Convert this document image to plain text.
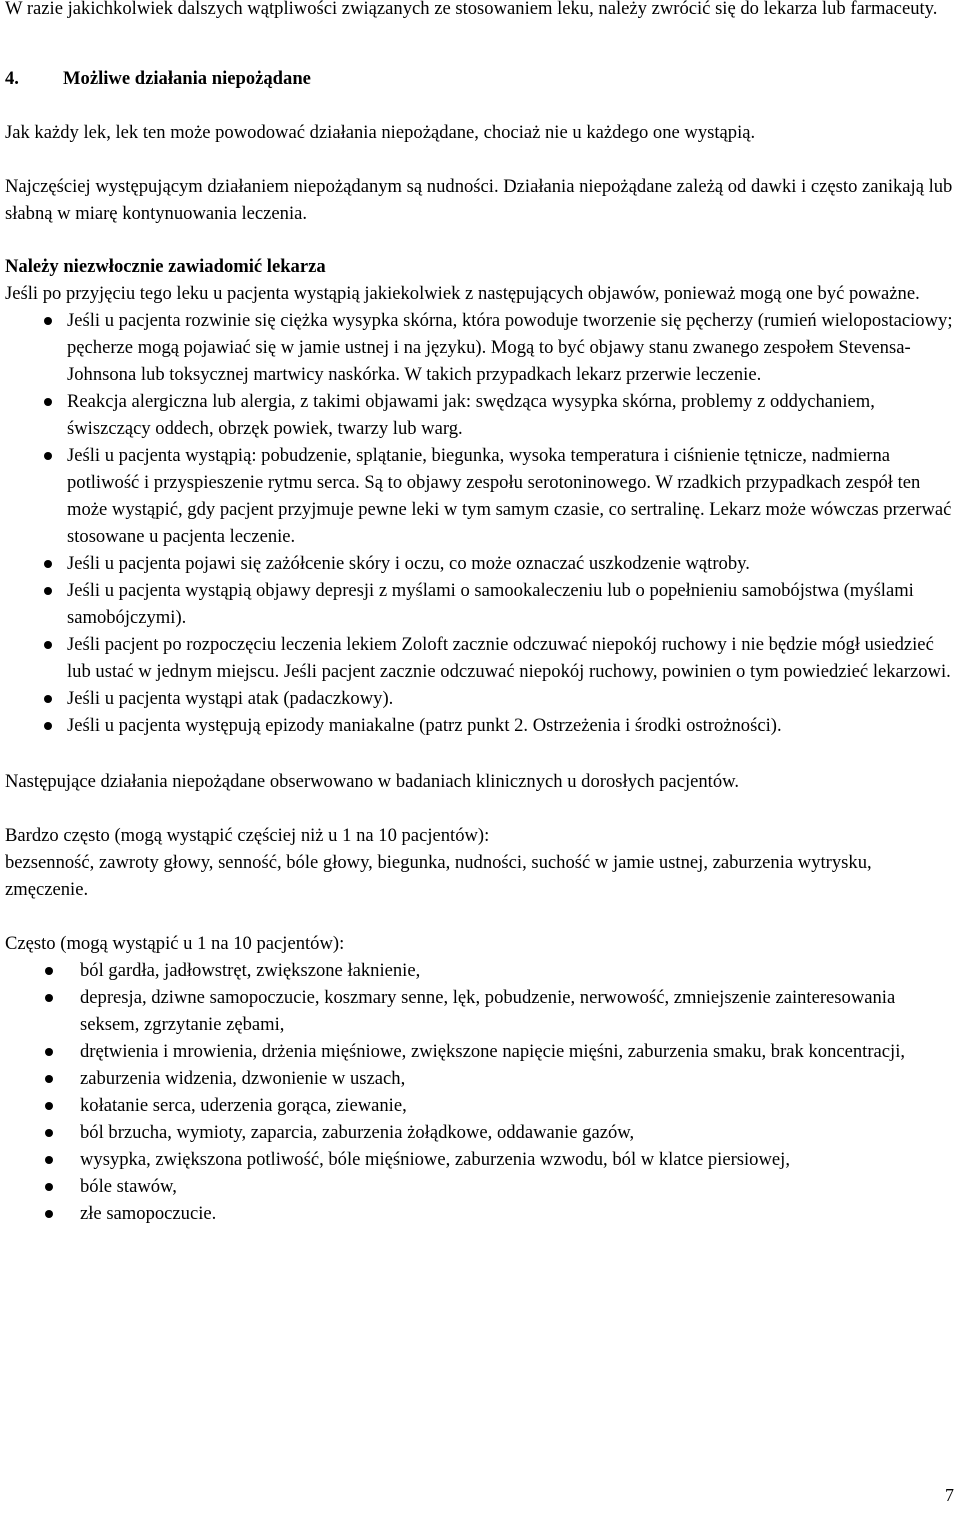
W razie jakichkolwiek dalszych wątpliwości związanych ze stosowaniem leku, należy zwrócić się do lekarza lub farmaceuty.

4.	Możliwe działania niepożądane

Jak każdy lek, lek ten może powodować działania niepożądane, chociaż nie u każdego one wystąpią.

Najczęściej występującym działaniem niepożądanym są nudności. Działania niepożądane zależą od dawki i często zanikają lub słabną w miarę kontynuowania leczenia.

Należy niezwłocznie zawiadomić lekarza

Jeśli po przyjęciu tego leku u pacjenta wystąpią jakiekolwiek z następujących objawów, ponieważ mogą one być poważne.

Jeśli u pacjenta rozwinie się ciężka wysypka skórna, która powoduje tworzenie się pęcherzy (rumień wielopostaciowy; pęcherze mogą pojawiać się w jamie ustnej i na języku). Mogą to być objawy stanu zwanego zespołem Stevensa-Johnsona lub toksycznej martwicy naskórka. W takich przypadkach lekarz przerwie leczenie.
Reakcja alergiczna lub alergia, z takimi objawami jak: swędząca wysypka skórna, problemy z oddychaniem, świszczący oddech, obrzęk powiek, twarzy lub warg.
Jeśli u pacjenta wystąpią: pobudzenie, splątanie, biegunka, wysoka temperatura i ciśnienie tętnicze, nadmierna potliwość i przyspieszenie rytmu serca. Są to objawy zespołu serotoninowego. W rzadkich przypadkach zespół ten może wystąpić, gdy pacjent przyjmuje pewne leki w tym samym czasie, co sertralinę. Lekarz może wówczas przerwać stosowane u pacjenta leczenie.
Jeśli u pacjenta pojawi się zażółcenie skóry i oczu, co może oznaczać uszkodzenie wątroby.
Jeśli u pacjenta wystąpią objawy depresji z myślami o samookaleczeniu lub o popełnieniu samobójstwa (myślami samobójczymi).
Jeśli pacjent po rozpoczęciu leczenia lekiem Zoloft zacznie odczuwać niepokój ruchowy i nie będzie mógł usiedzieć lub ustać w jednym miejscu. Jeśli pacjent zacznie odczuwać niepokój ruchowy, powinien o tym powiedzieć lekarzowi.
Jeśli u pacjenta wystąpi atak (padaczkowy).
Jeśli u pacjenta występują epizody maniakalne (patrz punkt 2. Ostrzeżenia i środki ostrożności).

Następujące działania niepożądane obserwowano w badaniach klinicznych u dorosłych pacjentów.

Bardzo często (mogą wystąpić częściej niż u 1 na 10 pacjentów):

bezsenność, zawroty głowy, senność, bóle głowy, biegunka, nudności, suchość w jamie ustnej, zaburzenia wytrysku, zmęczenie.

Często (mogą wystąpić u 1 na 10 pacjentów):

ból gardła, jadłowstręt, zwiększone łaknienie,
depresja, dziwne samopoczucie, koszmary senne, lęk, pobudzenie, nerwowość, zmniejszenie zainteresowania seksem, zgrzytanie zębami,
drętwienia i mrowienia, drżenia mięśniowe, zwiększone napięcie mięśni, zaburzenia smaku, brak koncentracji,
zaburzenia widzenia, dzwonienie w uszach,
kołatanie serca, uderzenia gorąca, ziewanie,
ból brzucha, wymioty, zaparcia, zaburzenia żołądkowe, oddawanie gazów,
wysypka, zwiększona potliwość, bóle mięśniowe, zaburzenia wzwodu, ból w klatce piersiowej,
bóle stawów,
złe samopoczucie.
7
